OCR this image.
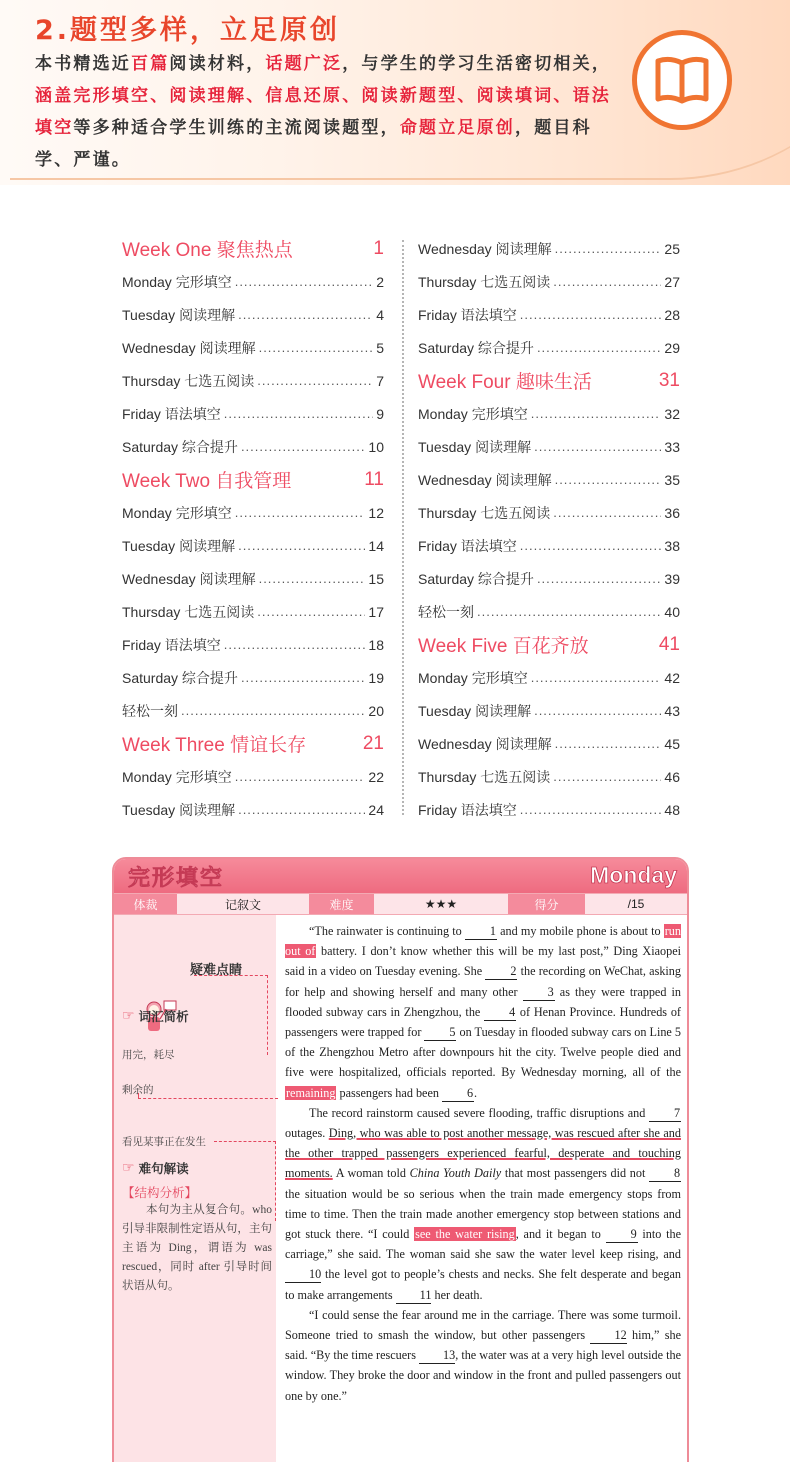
2.题型多样，立足原创
本书精选近百篇阅读材料，话题广泛，与学生的学习生活密切相关，涵盖完形填空、阅读理解、信息还原、阅读新题型、阅读填词、语法填空等多种适合学生训练的主流阅读题型，命题立足原创，题目科学、严谨。
Week One 聚焦热点	1
Monday 完形填空 .....	2
Tuesday 阅读理解 .....	4
Wednesday 阅读理解 .....	5
Thursday 七选五阅读 .....	7
Friday 语法填空 .....	9
Saturday 综合提升 .....	10
Week Two 自我管理	11
Monday 完形填空 .....	12
Tuesday 阅读理解 .....	14
Wednesday 阅读理解 .....	15
Thursday 七选五阅读 .....	17
Friday 语法填空 .....	18
Saturday 综合提升 .....	19
轻松一刻 .....	20
Week Three 情谊长存	21
Monday 完形填空 .....	22
Tuesday 阅读理解 .....	24
Wednesday 阅读理解 .....	25
Thursday 七选五阅读 .....	27
Friday 语法填空 .....	28
Saturday 综合提升 .....	29
Week Four 趣味生活	31
Monday 完形填空 .....	32
Tuesday 阅读理解 .....	33
Wednesday 阅读理解 .....	35
Thursday 七选五阅读 .....	36
Friday 语法填空 .....	38
Saturday 综合提升 .....	39
轻松一刻 .....	40
Week Five 百花齐放	41
Monday 完形填空 .....	42
Tuesday 阅读理解 .....	43
Wednesday 阅读理解 .....	45
Thursday 七选五阅读 .....	46
Friday 语法填空 .....	48
完形填空	Monday
体裁	记叙文	难度	★★★	得分	/15
疑难点睛
☞ 词汇简析
用完，耗尽
剩余的
看见某事正在发生
☞ 难句解读
【结构分析】
本句为主从复合句。who 引导非限制性定语从句，主句主语为 Ding，谓语为 was rescued，同时 after 引导时间状语从句。

“The rainwater is continuing to 1 and my mobile phone is about to run out of battery. I don’t know whether this will be my last post,” Ding Xiaopei said in a video on Tuesday evening. She 2 the recording on WeChat, asking for help and showing herself and many other 3 as they were trapped in flooded subway cars in Zhengzhou, the 4 of Henan Province. Hundreds of passengers were trapped for 5 on Tuesday in flooded subway cars on Line 5 of the Zhengzhou Metro after downpours hit the city. Twelve people died and five were hospitalized, officials reported. By Wednesday morning, all of the remaining passengers had been 6.

The record rainstorm caused severe flooding, traffic disruptions and 7 outages. Ding, who was able to post another message, was rescued after she and the other trapped passengers experienced fearful, desperate and touching moments. A woman told China Youth Daily that most passengers did not 8 the situation would be so serious when the train made emergency stops from time to time. Then the train made another emergency stop between stations and got stuck there. “I could see the water rising, and it began to 9 into the carriage,” she said. The woman said she saw the water level keep rising, and 10 the level got to people’s chests and necks. She felt desperate and began to make arrangements 11 her death.

“I could sense the fear around me in the carriage. There was some turmoil. Someone tried to smash the window, but other passengers 12 him,” she said. “By the time rescuers 13, the water was at a very high level outside the window. They broke the door and window in the front and pulled passengers out one by one.”
